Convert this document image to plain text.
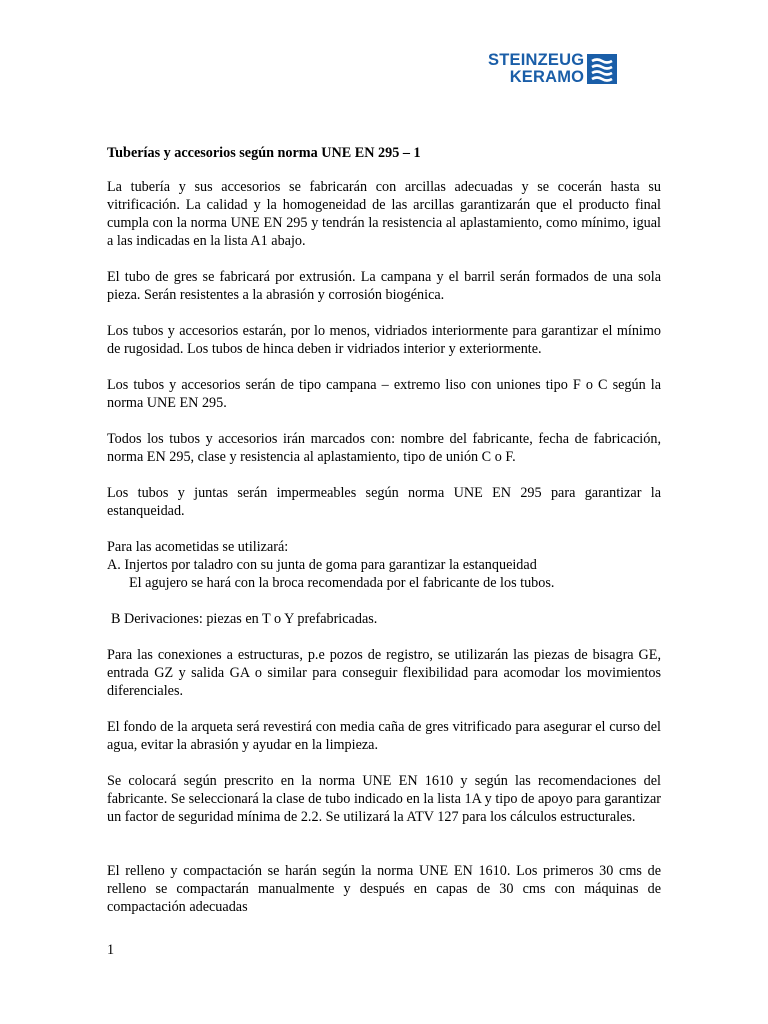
STEINZEUG
KERAMO
Tuberías y accesorios según norma UNE EN 295 – 1

La tubería y sus accesorios se fabricarán con arcillas adecuadas y se cocerán hasta su vitrificación. La calidad y la homogeneidad de las arcillas garantizarán que el producto final cumpla con la norma UNE EN 295 y tendrán la resistencia al aplastamiento, como mínimo, igual a las indicadas en la lista A1 abajo.

El tubo de gres se fabricará por extrusión. La campana y el barril serán formados de una sola pieza. Serán resistentes a la abrasión y corrosión biogénica.

Los tubos y accesorios estarán, por lo menos, vidriados interiormente para garantizar el mínimo de rugosidad. Los tubos de hinca deben ir vidriados interior y exteriormente.

Los tubos y accesorios serán de tipo campana – extremo liso con uniones tipo F o C según la norma UNE EN 295.

Todos los tubos y accesorios irán marcados con: nombre del fabricante, fecha de fabricación, norma EN 295, clase y resistencia al aplastamiento, tipo de unión C o F.

Los tubos y juntas serán impermeables según norma UNE EN 295 para garantizar la estanqueidad.

Para las acometidas se utilizará:
A. Injertos por taladro con su junta de goma para garantizar la estanqueidad
El agujero se hará con la broca recomendada por el fabricante de los tubos.
B Derivaciones: piezas en T o Y prefabricadas.

Para las conexiones a estructuras, p.e pozos de registro, se utilizarán las piezas de bisagra GE, entrada GZ y salida GA o similar para conseguir flexibilidad para acomodar los movimientos diferenciales.

El fondo de la arqueta será revestirá con media caña de gres vitrificado para asegurar el curso del agua, evitar la abrasión y ayudar en la limpieza.

Se colocará según prescrito en la norma UNE EN 1610 y según las recomendaciones del fabricante. Se seleccionará la clase de tubo indicado en la lista 1A y tipo de apoyo para garantizar un factor de seguridad mínima de 2.2. Se utilizará la ATV 127 para los cálculos estructurales.

El relleno y compactación se harán según la norma UNE EN 1610. Los primeros 30 cms de relleno se compactarán manualmente y después en capas de 30 cms con máquinas de compactación adecuadas

1
